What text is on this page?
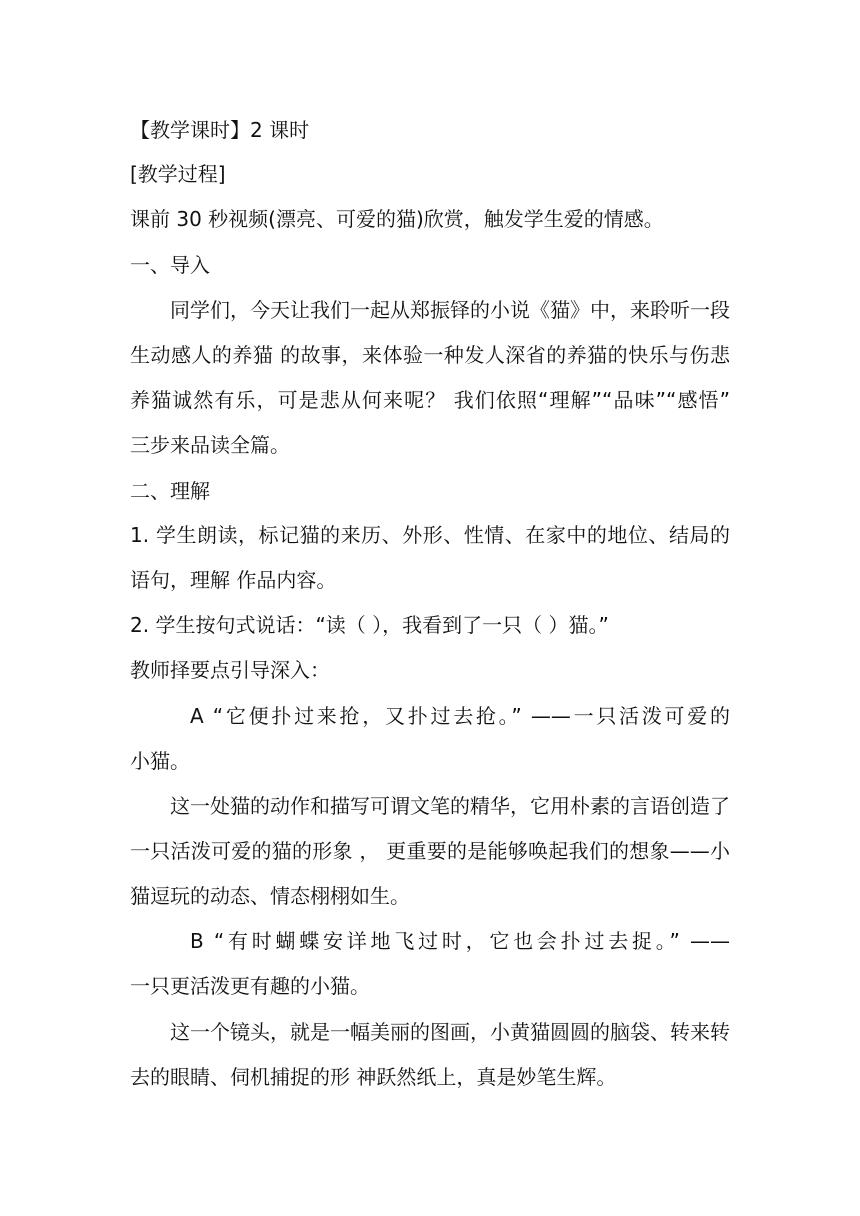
【教学课时】2 课时
[教学过程]
课前 30 秒视频(漂亮、可爱的猫)欣赏，触发学生爱的情感。
一、导入
同学们，今天让我们一起从郑振铎的小说《猫》中，来聆听一段
生动感人的养猫 的故事，来体验一种发人深省的养猫的快乐与伤悲
养猫诚然有乐，可是悲从何来呢？ 我们依照“理解”“品味”“感悟”
三步来品读全篇。
二、理解
1. 学生朗读，标记猫的来历、外形、性情、在家中的地位、结局的
语句，理解 作品内容。
2. 学生按句式说话：“读（ ），我看到了一只（ ）猫。”
教师择要点引导深入：
A “它便扑过来抢，又扑过去抢。” ——一只活泼可爱的
小猫。
这一处猫的动作和描写可谓文笔的精华，它用朴素的言语创造了
一只活泼可爱的猫的形象 ， 更重要的是能够唤起我们的想象——小
猫逗玩的动态、情态栩栩如生。
B “有时蝴蝶安详地飞过时，它也会扑过去捉。” ——
一只更活泼更有趣的小猫。
这一个镜头，就是一幅美丽的图画，小黄猫圆圆的脑袋、转来转
去的眼睛、伺机捕捉的形 神跃然纸上，真是妙笔生辉。
